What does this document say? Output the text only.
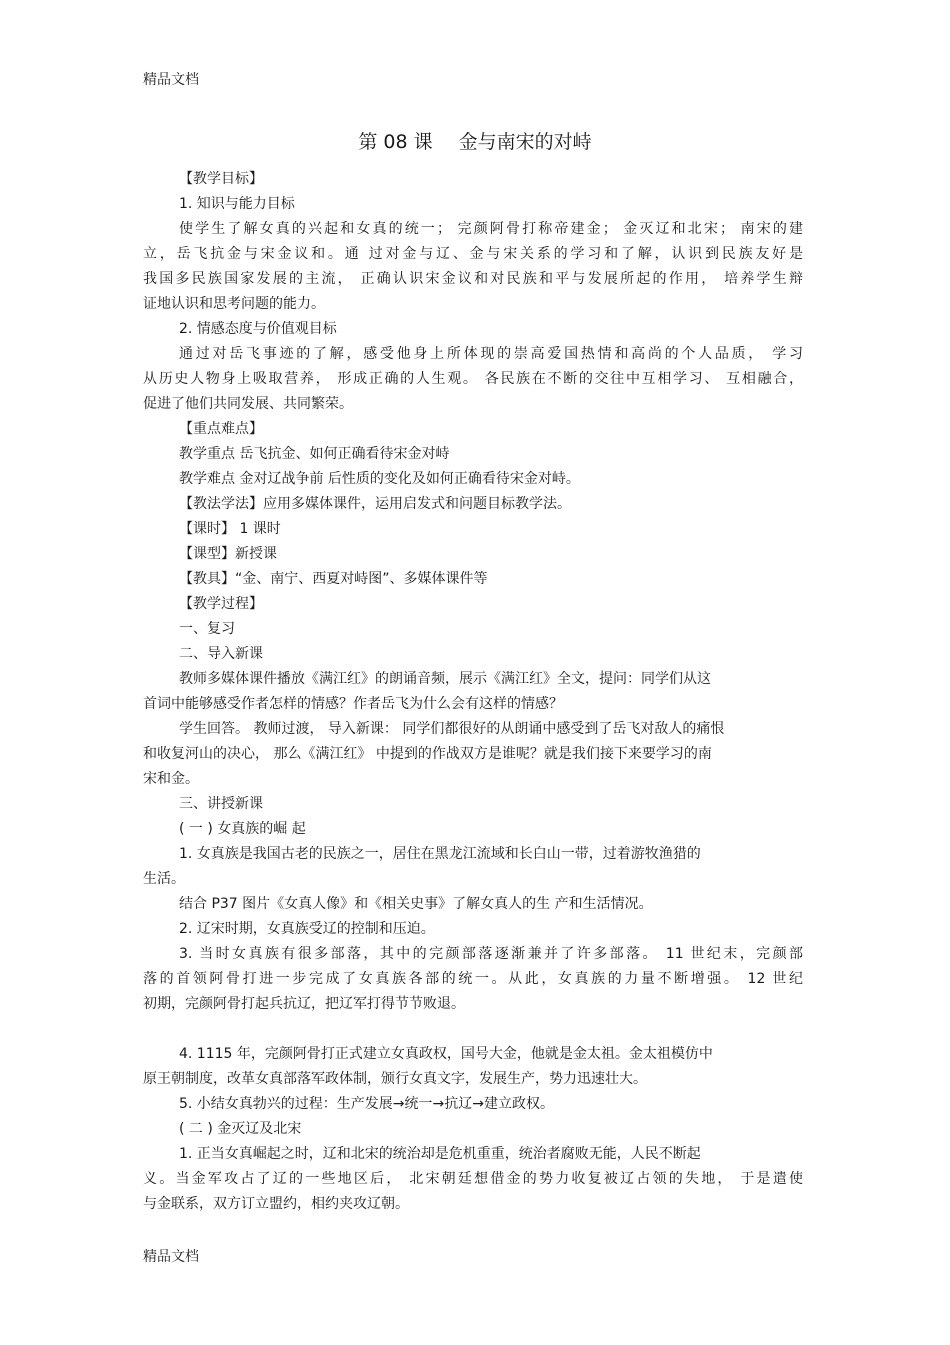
精品文档
第 08 课 金与南宋的对峙

【教学目标】

1. 知识与能力目标

使学生了解女真的兴起和女真的统一； 完颜阿骨打称帝建金； 金灭辽和北宋； 南宋的建

立，岳飞抗金与宋金议和。通 过对金与辽、金与宋关系的学习和了解，认识到民族友好是

我国多民族国家发展的主流， 正确认识宋金议和对民族和平与发展所起的作用， 培养学生辩

证地认识和思考问题的能力。

2. 情感态度与价值观目标

通过对岳飞事迹的了解，感受他身上所体现的崇高爱国热情和高尚的个人品质， 学习

从历史人物身上吸取营养， 形成正确的人生观。 各民族在不断的交往中互相学习、 互相融合，

促进了他们共同发展、共同繁荣。

【重点难点】

教学重点 岳飞抗金、如何正确看待宋金对峙

教学难点 金对辽战争前 后性质的变化及如何正确看待宋金对峙。

【教法学法】应用多媒体课件，运用启发式和问题目标教学法。

【课时】 1 课时

【课型】新授课

【教具】“金、南宁、西夏对峙图”、多媒体课件等

【教学过程】

一、复习

二、导入新课

教师多媒体课件播放《满江红》的朗诵音频，展示《满江红》全文，提问：同学们从这

首词中能够感受作者怎样的情感？作者岳飞为什么会有这样的情感？

学生回答。 教师过渡， 导入新课： 同学们都很好的从朗诵中感受到了岳飞对敌人的痛恨

和收复河山的决心， 那么《满江红》 中提到的作战双方是谁呢？就是我们接下来要学习的南

宋和金。

三、讲授新课

( 一 ) 女真族的崛 起

1. 女真族是我国古老的民族之一，居住在黑龙江流域和长白山一带，过着游牧渔猎的

生活。

结合 P37 图片《女真人像》和《相关史事》了解女真人的生 产和生活情况。

2. 辽宋时期，女真族受辽的控制和压迫。

3. 当时女真族有很多部落，其中的完颜部落逐渐兼并了许多部落。 11 世纪末，完颜部

落的首领阿骨打进一步完成了女真族各部的统一。从此，女真族的力量不断增强。 12 世纪

初期，完颜阿骨打起兵抗辽，把辽军打得节节败退。

4. 1115 年，完颜阿骨打正式建立女真政权，国号大金，他就是金太祖。金太祖模仿中

原王朝制度，改革女真部落军政体制，颁行女真文字，发展生产，势力迅速壮大。

5. 小结女真勃兴的过程：生产发展→统一→抗辽→建立政权。

( 二 ) 金灭辽及北宋

1. 正当女真崛起之时，辽和北宋的统治却是危机重重，统治者腐败无能，人民不断起

义。当金军攻占了辽的一些地区后， 北宋朝廷想借金的势力收复被辽占领的失地， 于是遣使

与金联系，双方订立盟约，相约夹攻辽朝。

精品文档
